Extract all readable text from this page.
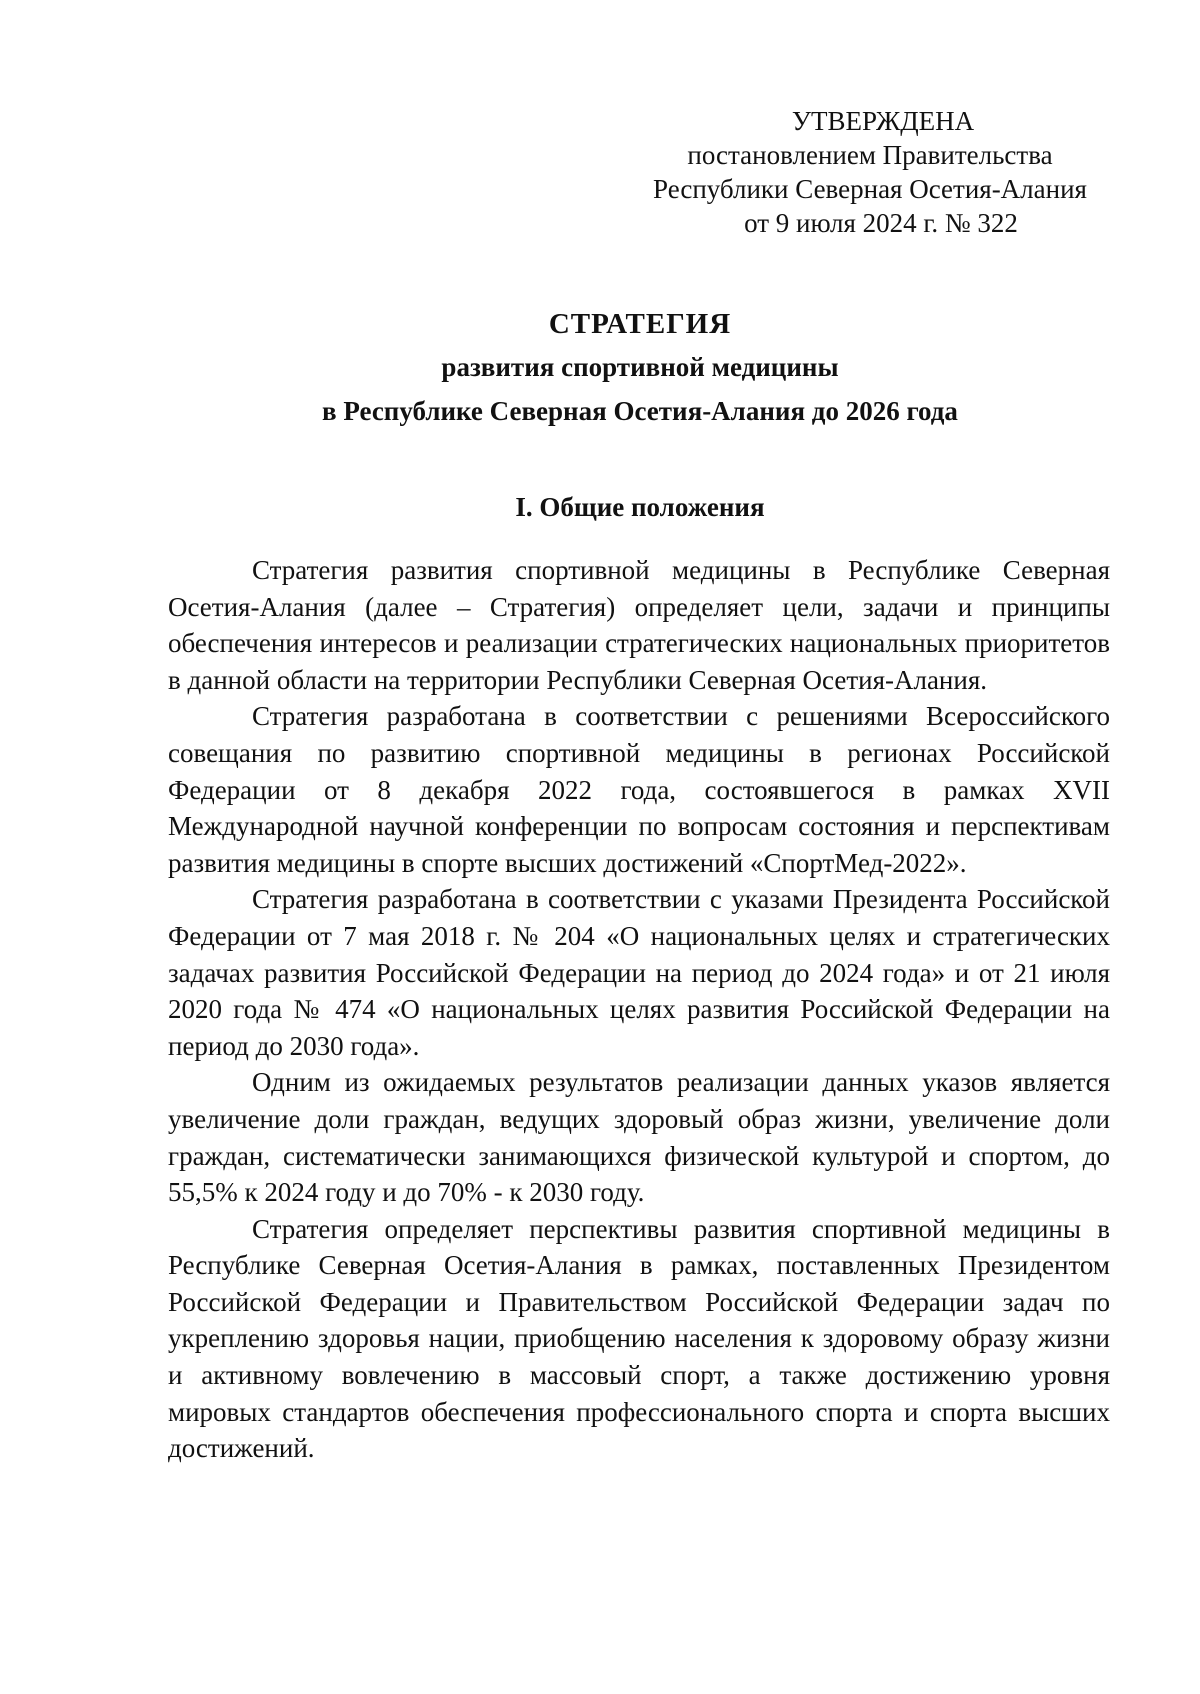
УТВЕРЖДЕНА
постановлением Правительства
Республики Северная Осетия-Алания
от 9 июля 2024 г. № 322
СТРАТЕГИЯ
развития спортивной медицины
в Республике Северная Осетия-Алания до 2026 года
I. Общие положения

Стратегия развития спортивной медицины в Республике Северная Осетия-Алания (далее – Стратегия) определяет цели, задачи и принципы обеспечения интересов и реализации стратегических национальных приоритетов в данной области на территории Республики Северная Осетия-Алания.

Стратегия разработана в соответствии с решениями Всероссийского совещания по развитию спортивной медицины в регионах Российской Федерации от 8 декабря 2022 года, состоявшегося в рамках XVII Международной научной конференции по вопросам состояния и перспективам развития медицины в спорте высших достижений «СпортМед-2022».

Стратегия разработана в соответствии с указами Президента Российской Федерации от 7 мая 2018 г. № 204 «О национальных целях и стратегических задачах развития Российской Федерации на период до 2024 года» и от 21 июля 2020 года № 474 «О национальных целях развития Российской Федерации на период до 2030 года».

Одним из ожидаемых результатов реализации данных указов является увеличение доли граждан, ведущих здоровый образ жизни, увеличение доли граждан, систематически занимающихся физической культурой и спортом, до 55,5% к 2024 году и до 70% - к 2030 году.

Стратегия определяет перспективы развития спортивной медицины в Республике Северная Осетия-Алания в рамках, поставленных Президентом Российской Федерации и Правительством Российской Федерации задач по укреплению здоровья нации, приобщению населения к здоровому образу жизни и активному вовлечению в массовый спорт, а также достижению уровня мировых стандартов обеспечения профессионального спорта и спорта высших достижений.
